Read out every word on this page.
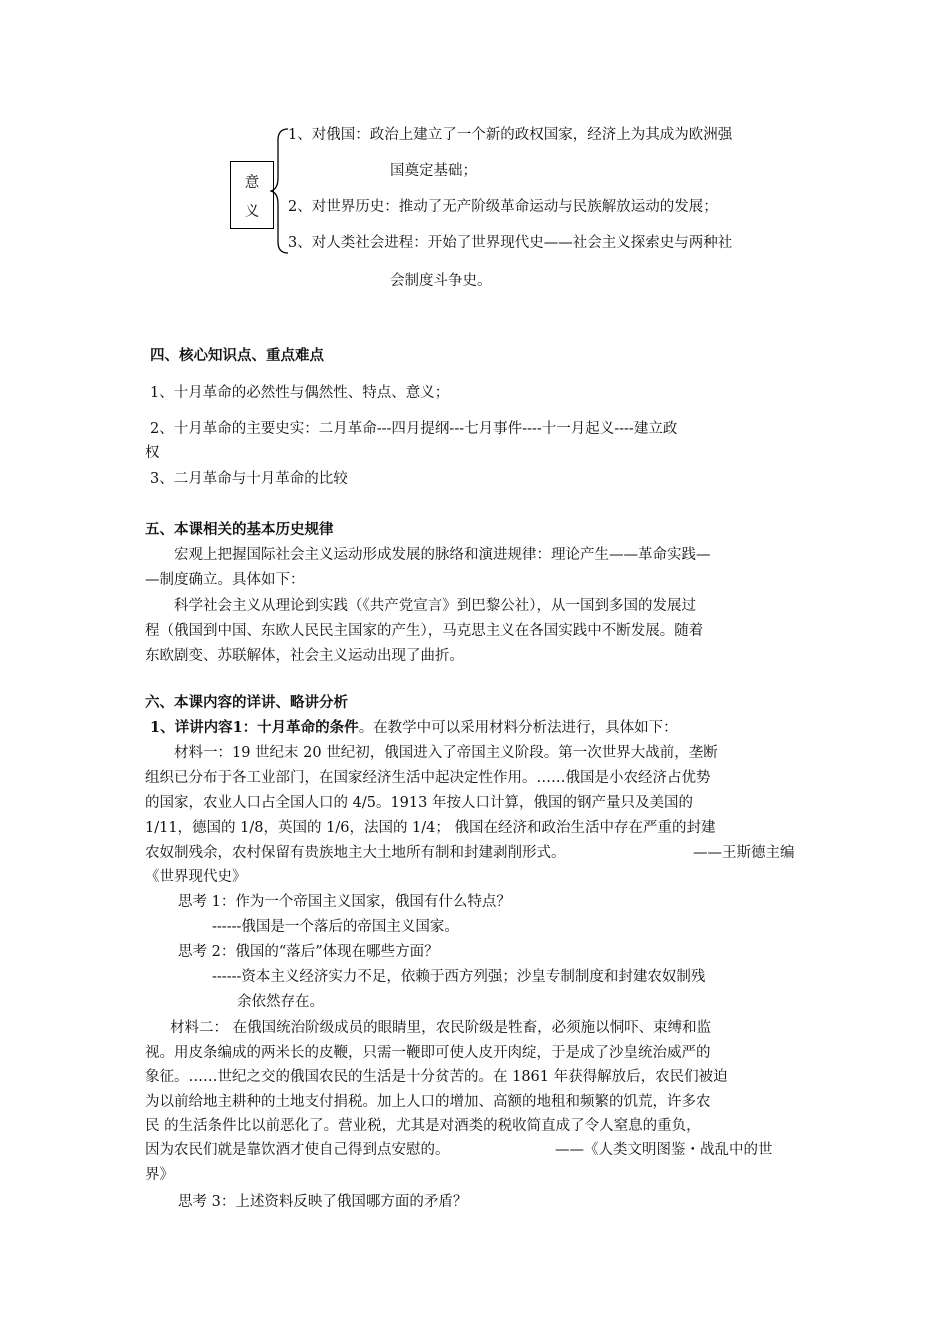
意
义
1、对俄国：政治上建立了一个新的政权国家，经济上为其成为欧洲强
国奠定基础；
2、对世界历史：推动了无产阶级革命运动与民族解放运动的发展；
3、对人类社会进程：开始了世界现代史——社会主义探索史与两种社
会制度斗争史。
四、核心知识点、重点难点
1、十月革命的必然性与偶然性、特点、意义；
2、十月革命的主要史实：二月革命---四月提纲---七月事件----十一月起义----建立政
权
3、二月革命与十月革命的比较
五、本课相关的基本历史规律
宏观上把握国际社会主义运动形成发展的脉络和演进规律：理论产生——革命实践—
—制度确立。具体如下：
科学社会主义从理论到实践（《共产党宣言》到巴黎公社），从一国到多国的发展过
程（俄国到中国、东欧人民民主国家的产生），马克思主义在各国实践中不断发展。随着
东欧剧变、苏联解体，社会主义运动出现了曲折。
六、本课内容的详讲、略讲分析
1、详讲内容1：十月革命的条件。在教学中可以采用材料分析法进行，具体如下：
材料一：19 世纪末 20 世纪初，俄国进入了帝国主义阶段。第一次世界大战前，垄断
组织已分布于各工业部门，在国家经济生活中起决定性作用。……俄国是小农经济占优势
的国家，农业人口占全国人口的 4/5。1913 年按人口计算，俄国的钢产量只及美国的
1/11，德国的 1/8，英国的 1/6，法国的 1/4； 俄国在经济和政治生活中存在严重的封建
农奴制残余，农村保留有贵族地主大土地所有制和封建剥削形式。	——王斯德主编
《世界现代史》
思考 1：作为一个帝国主义国家，俄国有什么特点？
------俄国是一个落后的帝国主义国家。
思考 2：俄国的“落后”体现在哪些方面？
------资本主义经济实力不足，依赖于西方列强；沙皇专制制度和封建农奴制残
余依然存在。
材料二： 在俄国统治阶级成员的眼睛里，农民阶级是牲畜，必须施以恫吓、束缚和监
视。用皮条编成的两米长的皮鞭，只需一鞭即可使人皮开肉绽，于是成了沙皇统治威严的
象征。……世纪之交的俄国农民的生活是十分贫苦的。在 1861 年获得解放后，农民们被迫
为以前给地主耕种的土地支付捐税。加上人口的增加、高额的地租和频繁的饥荒，许多农
民 的生活条件比以前恶化了。营业税，尤其是对酒类的税收简直成了令人窒息的重负，
因为农民们就是靠饮酒才使自己得到点安慰的。	——《人类文明图鉴・战乱中的世
界》
思考 3：上述资料反映了俄国哪方面的矛盾？
